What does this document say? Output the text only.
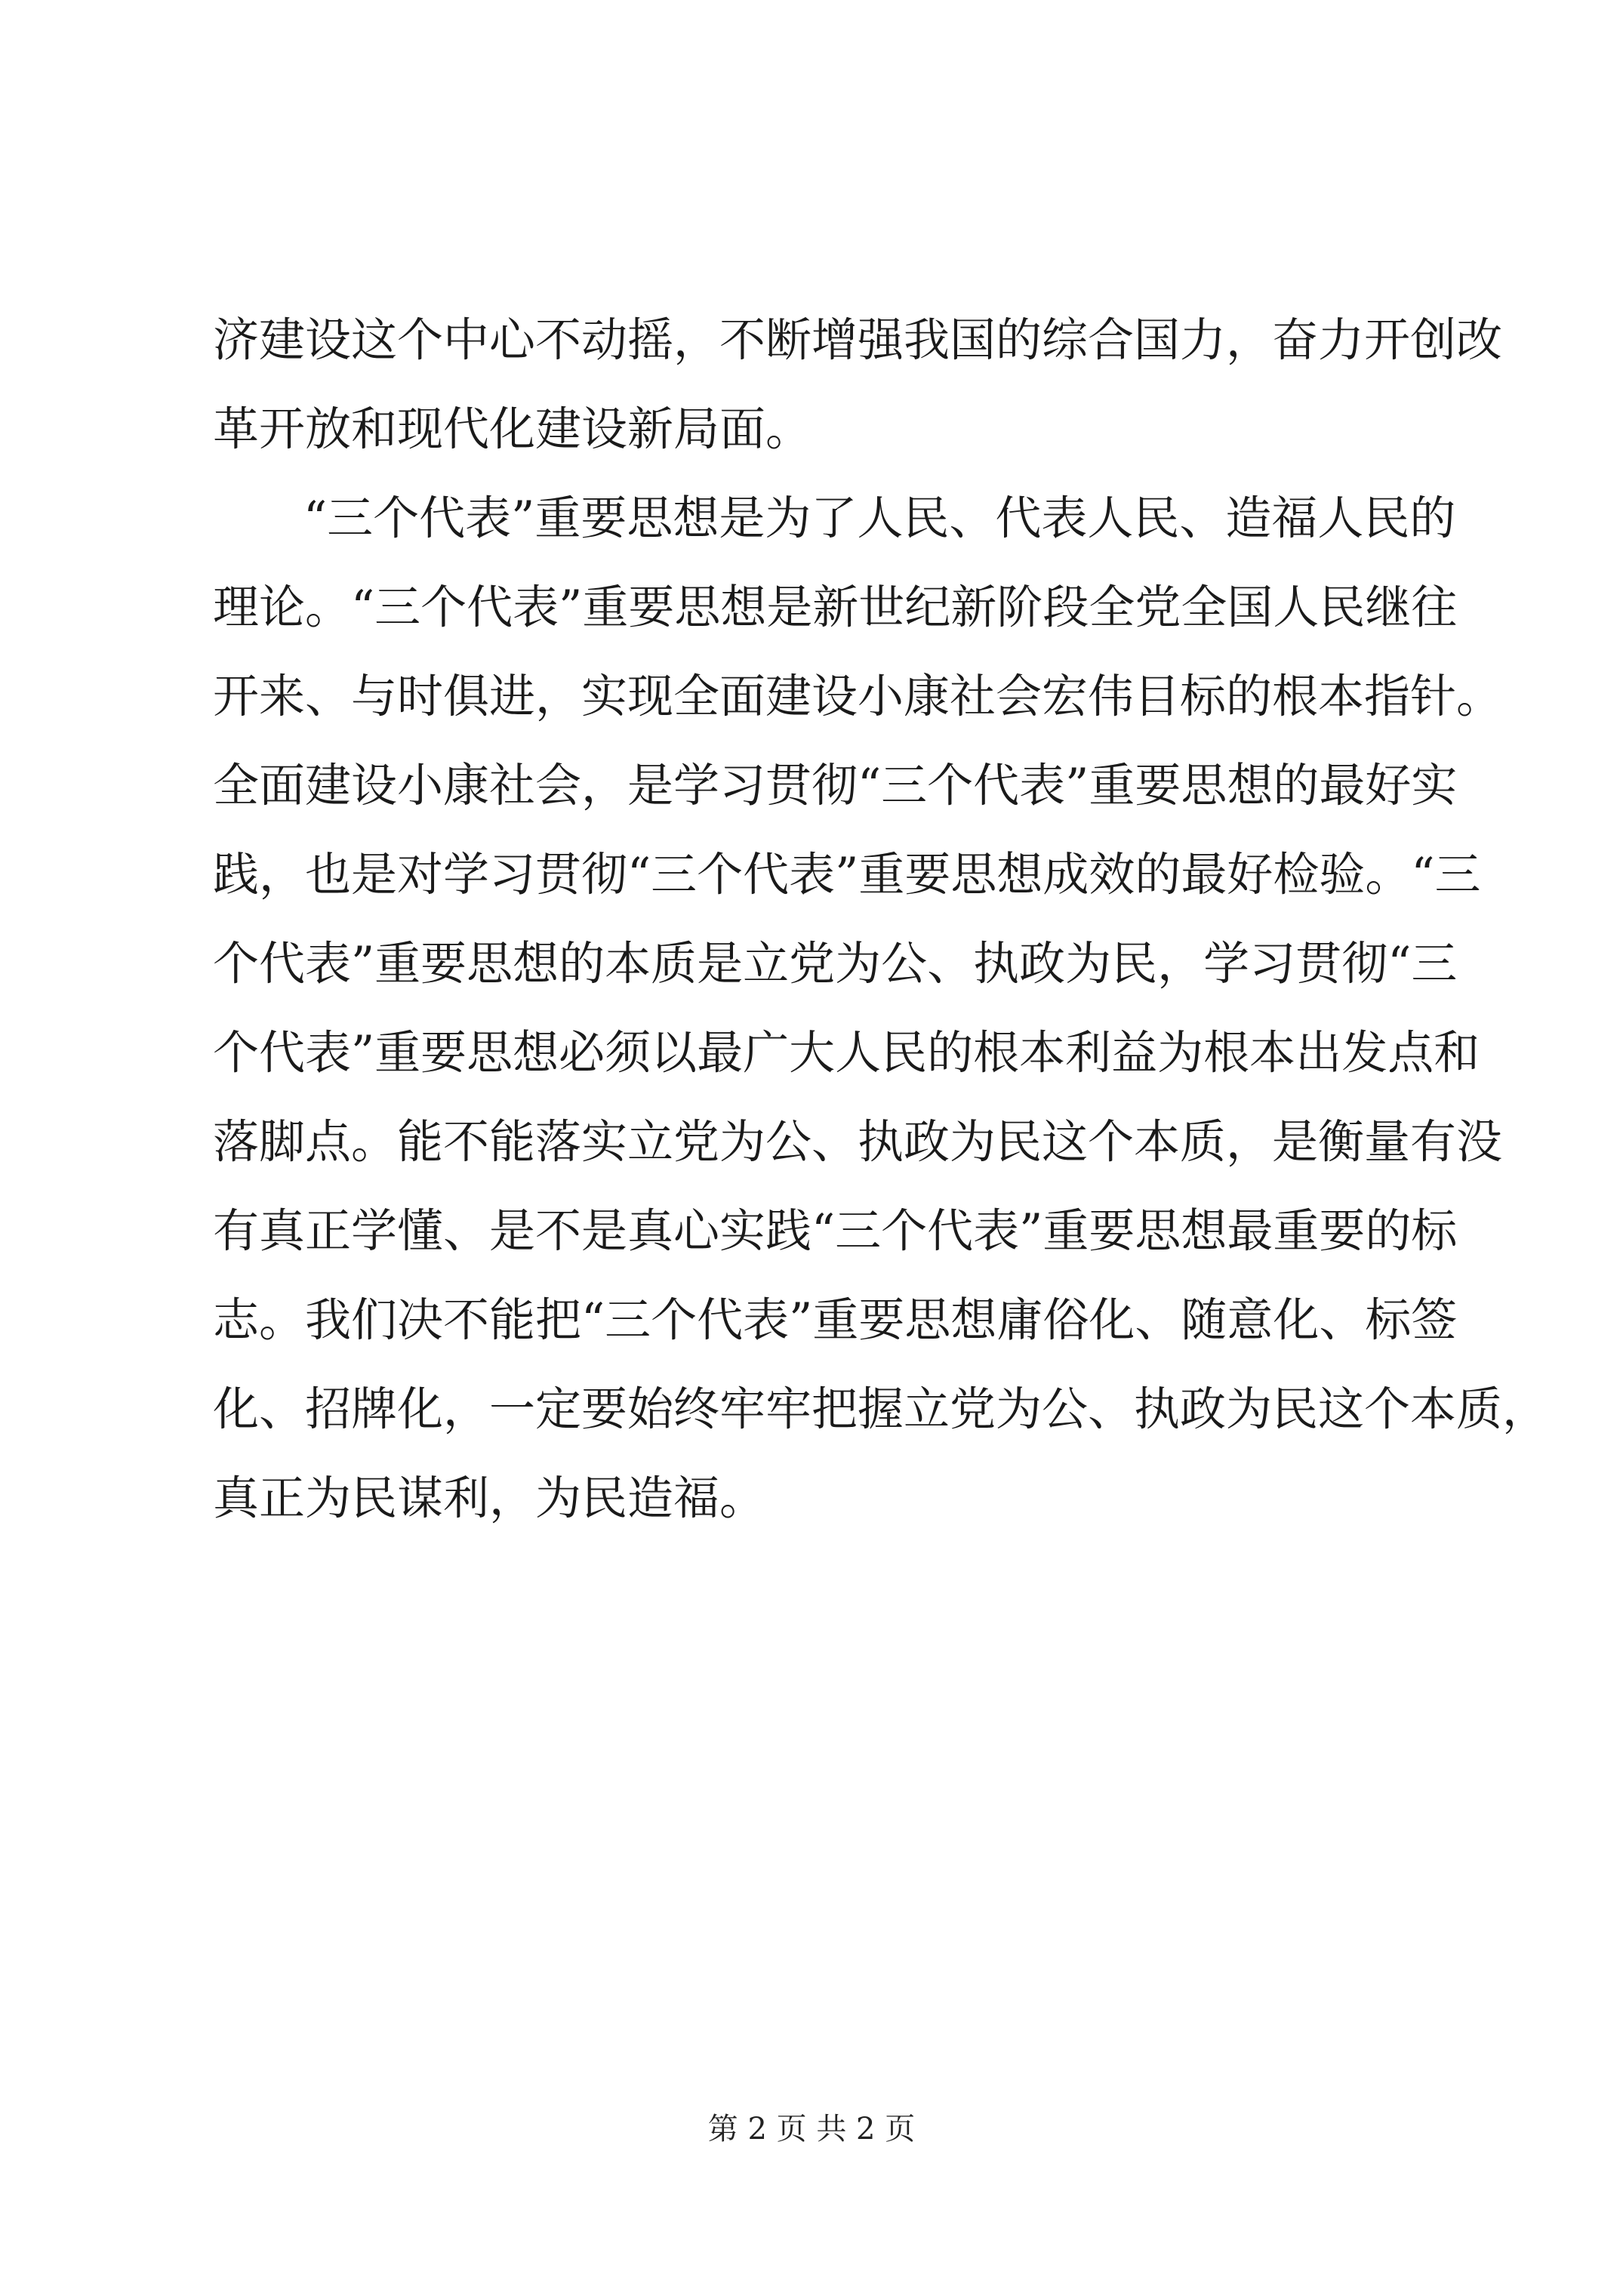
济建设这个中心不动摇，不断增强我国的综合国力，奋力开创改
革开放和现代化建设新局面。
“三个代表”重要思想是为了人民、代表人民、造福人民的
理论。“三个代表”重要思想是新世纪新阶段全党全国人民继往
开来、与时俱进，实现全面建设小康社会宏伟目标的根本指针。
全面建设小康社会，是学习贯彻“三个代表”重要思想的最好实
践，也是对学习贯彻“三个代表”重要思想成效的最好检验。“三
个代表”重要思想的本质是立党为公、执政为民，学习贯彻“三
个代表”重要思想必须以最广大人民的根本利益为根本出发点和
落脚点。能不能落实立党为公、执政为民这个本质，是衡量有没
有真正学懂、是不是真心实践“三个代表”重要思想最重要的标
志。我们决不能把“三个代表”重要思想庸俗化、随意化、标签
化、招牌化，一定要始终牢牢把握立党为公、执政为民这个本质，
真正为民谋利，为民造福。
第 2 页 共 2 页
